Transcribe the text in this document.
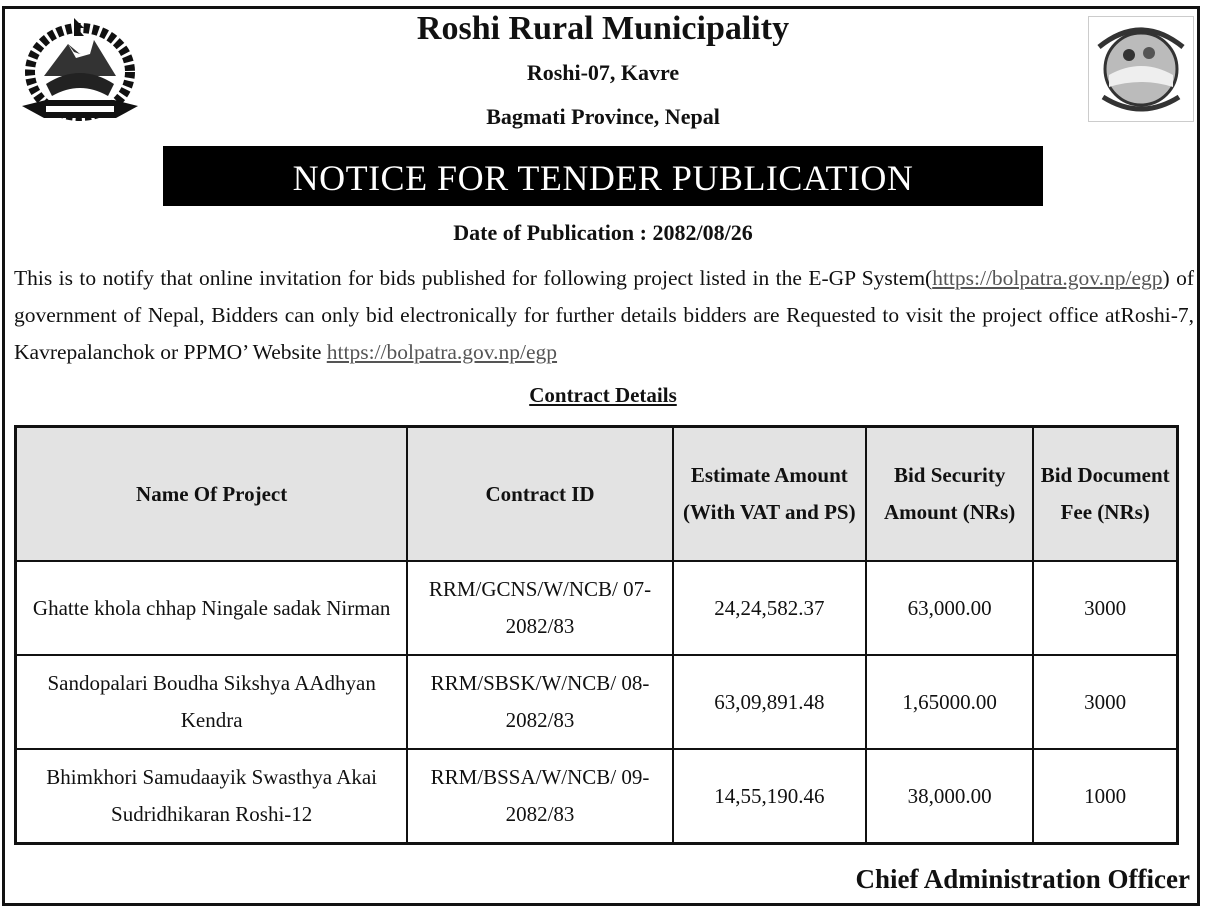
Roshi Rural Municipality
Roshi-07, Kavre
Bagmati Province, Nepal
NOTICE FOR TENDER PUBLICATION
Date of Publication : 2082/08/26
This is to notify that online invitation for bids published for following project listed in the E-GP System(https://bolpatra.gov.np/egp) of government of Nepal, Bidders can only bid electronically for further details bidders are Requested to visit the project office atRoshi-7, Kavrepalanchok or PPMO’ Website https://bolpatra.gov.np/egp
Contract Details
Name Of Project	Contract ID	Estimate Amount (With VAT and PS)	Bid Security Amount (NRs)	Bid Document Fee (NRs)
Ghatte khola chhap Ningale sadak Nirman	RRM/GCNS/W/NCB/ 07-2082/83	24,24,582.37	63,000.00	3000
Sandopalari Boudha Sikshya AAdhyan Kendra	RRM/SBSK/W/NCB/ 08-2082/83	63,09,891.48	1,65000.00	3000
Bhimkhori Samudaayik Swasthya Akai Sudridhikaran Roshi-12	RRM/BSSA/W/NCB/ 09-2082/83	14,55,190.46	38,000.00	1000
Chief Administration Officer
